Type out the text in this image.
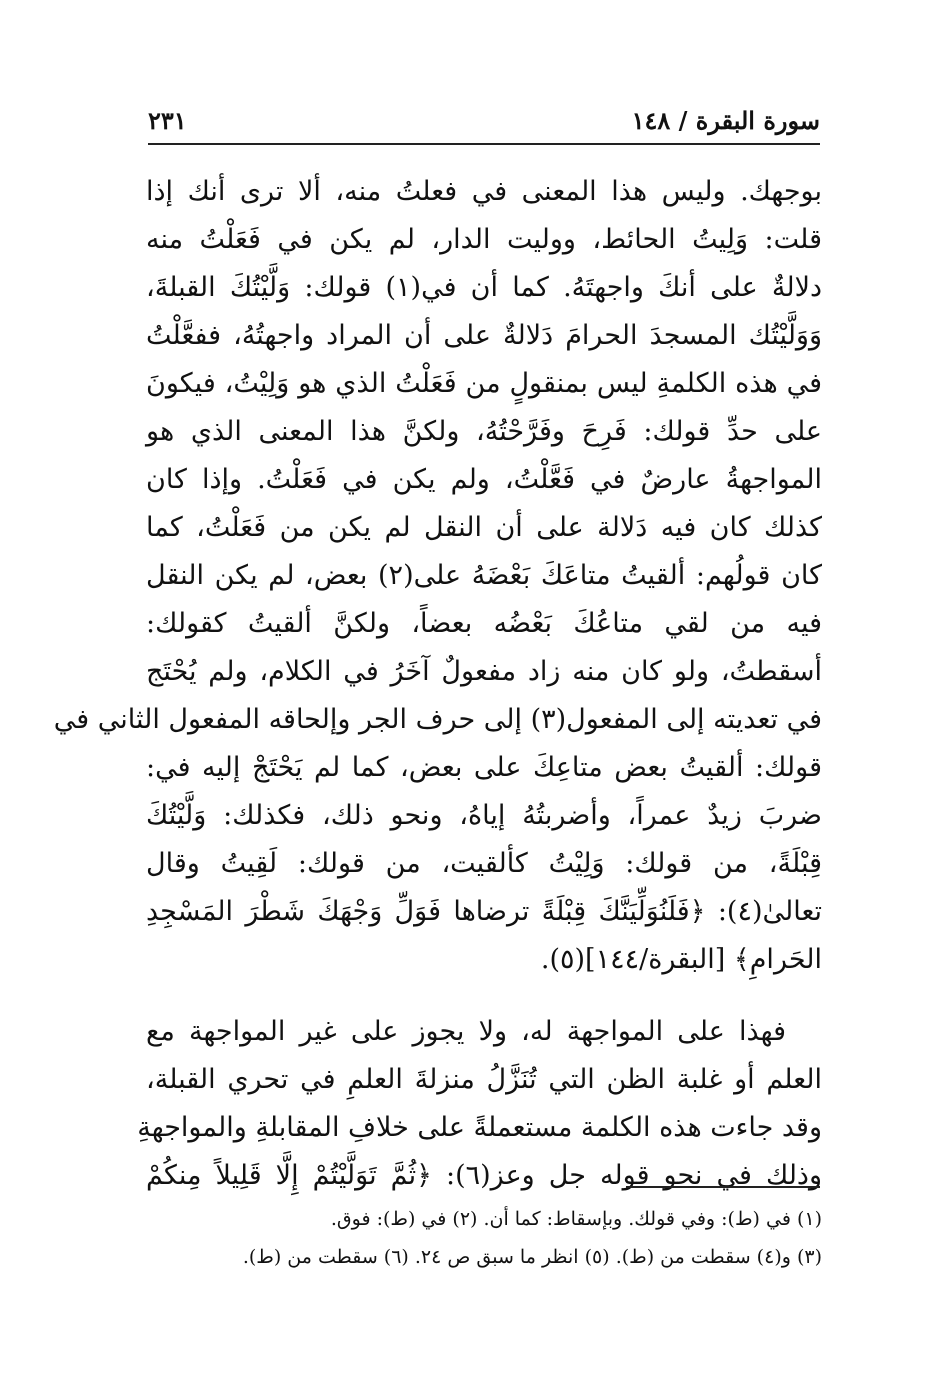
سورة البقرة / ١٤٨
٢٣١
بوجهك. وليس هذا المعنى في فعلتُ منه، ألا ترى أنك إذا
قلت: وَلِيتُ الحائط، ووليت الدار، لم يكن في فَعَلْتُ منه
دلالةٌ على أنكَ واجهتَهُ. كما أن في(١) قولك: وَلَّيْتُكَ القبلةَ،
وَوَلَّيْتُك المسجدَ الحرامَ دَلالةٌ على أن المراد واجهتُهُ، ففعَّلْتُ
في هذه الكلمةِ ليس بمنقولٍ من فَعَلْتُ الذي هو وَلِيْتُ، فيكونَ
على حدِّ قولك: فَرِحَ وفَرَّحْتُهُ، ولكنَّ هذا المعنى الذي هو
المواجهةُ عارضٌ في فَعَّلْتُ، ولم يكن في فَعَلْتُ. وإذا كان
كذلك كان فيه دَلالة على أن النقل لم يكن من فَعَلْتُ، كما
كان قولُهم: ألقيتُ متاعَكَ بَعْضَهُ على(٢) بعض، لم يكن النقل
فيه من لقي متاعُكَ بَعْضُه بعضاً، ولكنَّ ألقيتُ كقولك:
أسقطتُ، ولو كان منه زاد مفعولٌ آخَرُ في الكلام، ولم يُحْتَج
في تعديته إلى المفعول(٣) إلى حرف الجر وإلحاقه المفعول الثاني في
قولك: ألقيتُ بعض متاعِكَ على بعض، كما لم يَحْتَجْ إليه في:
ضربَ زيدٌ عمراً، وأضربتُهُ إياهُ، ونحو ذلك، فكذلك: وَلَّيْتُكَ
قِبْلَةً، من قولك: وَلِيْتُ كألقيت، من قولك: لَقِيتُ وقال
تعالىٰ(٤): ﴿فَلَنُوَلِّيَنَّكَ قِبْلَةً ترضاها فَوَلِّ وَجْهَكَ شَطْرَ المَسْجِدِ
الحَرامِ﴾ [البقرة/١٤٤](٥).
فهذا على المواجهة له، ولا يجوز على غير المواجهة مع
العلم أو غلبة الظن التي تُنَزَّلُ منزلةَ العلمِ في تحري القبلة،
وقد جاءت هذه الكلمة مستعملةً على خلافِ المقابلةِ والمواجهةِ
وذلك في نحو قوله جل وعز(٦): ﴿ثُمَّ تَوَلَّيْتُمْ إِلَّا قَلِيلاً مِنكُمْ
(١) في (ط): وفي قولك. وبإسقاط: كما أن. (٢) في (ط): فوق.
(٣) و(٤) سقطت من (ط). (٥) انظر ما سبق ص ٢٤. (٦) سقطت من (ط).
